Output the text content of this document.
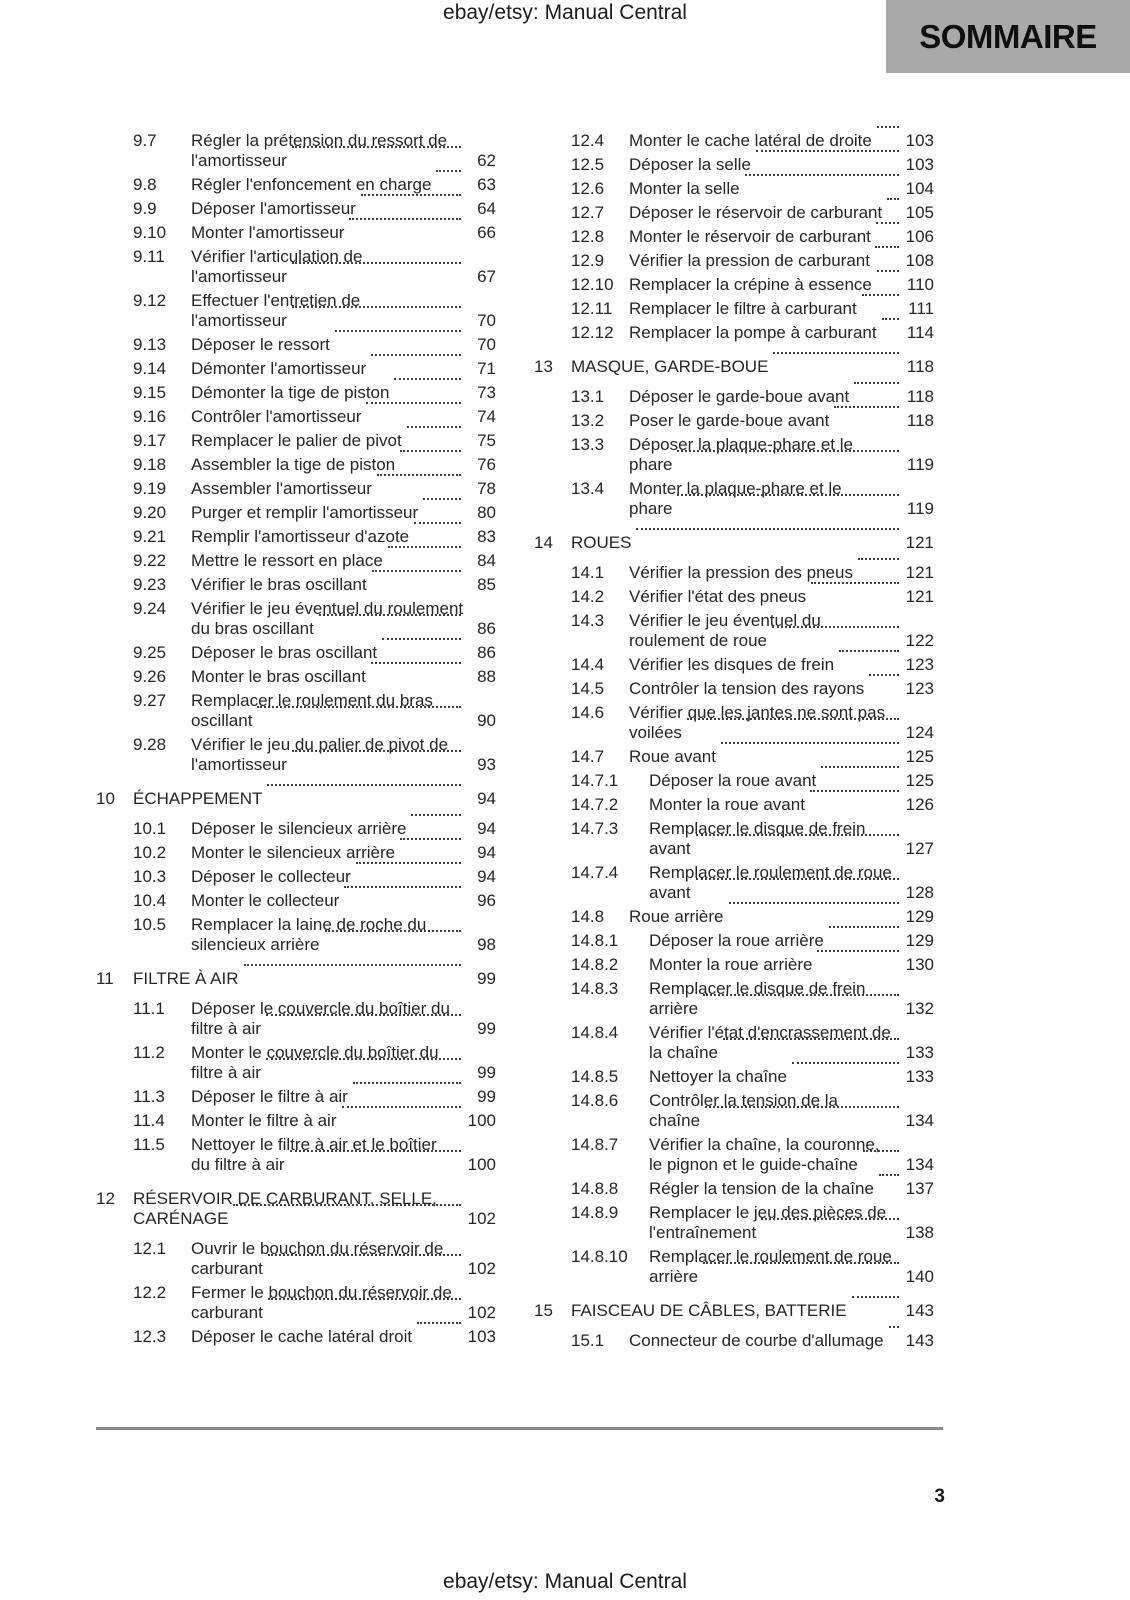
ebay/etsy: Manual Central
SOMMAIRE
9.7	Régler la prétension du ressort de
l'amortisseur	62
9.8	Régler l'enfoncement en charge	63
9.9	Déposer l'amortisseur	64
9.10	Monter l'amortisseur	66
9.11	Vérifier l'articulation de
l'amortisseur	67
9.12	Effectuer l'entretien de
l'amortisseur	70
9.13	Déposer le ressort	70
9.14	Démonter l'amortisseur	71
9.15	Démonter la tige de piston	73
9.16	Contrôler l'amortisseur	74
9.17	Remplacer le palier de pivot	75
9.18	Assembler la tige de piston	76
9.19	Assembler l'amortisseur	78
9.20	Purger et remplir l'amortisseur	80
9.21	Remplir l'amortisseur d'azote	83
9.22	Mettre le ressort en place	84
9.23	Vérifier le bras oscillant	85
9.24	Vérifier le jeu éventuel du roulement
du bras oscillant	86
9.25	Déposer le bras oscillant	86
9.26	Monter le bras oscillant	88
9.27	Remplacer le roulement du bras
oscillant	90
9.28	Vérifier le jeu du palier de pivot de
l'amortisseur	93
10	ÉCHAPPEMENT	94
10.1	Déposer le silencieux arrière	94
10.2	Monter le silencieux arrière	94
10.3	Déposer le collecteur	94
10.4	Monter le collecteur	96
10.5	Remplacer la laine de roche du
silencieux arrière	98
11	FILTRE À AIR	99
11.1	Déposer le couvercle du boîtier du
filtre à air	99
11.2	Monter le couvercle du boîtier du
filtre à air	99
11.3	Déposer le filtre à air	99
11.4	Monter le filtre à air	100
11.5	Nettoyer le filtre à air et le boîtier
du filtre à air	100
12	RÉSERVOIR DE CARBURANT, SELLE,
CARÉNAGE	102
12.1	Ouvrir le bouchon du réservoir de
carburant	102
12.2	Fermer le bouchon du réservoir de
carburant	102
12.3	Déposer le cache latéral droit	103
12.4	Monter le cache latéral de droite 103
12.5	Déposer la selle	103
12.6	Monter la selle	104
12.7	Déposer le réservoir de carburant 105
12.8	Monter le réservoir de carburant 106
12.9	Vérifier la pression de carburant 108
12.10 Remplacer la crépine à essence 110
12.11 Remplacer le filtre à carburant	111
12.12 Remplacer la pompe à carburant 114
13	MASQUE, GARDE-BOUE	118
13.1	Déposer le garde-boue avant	118
13.2	Poser le garde-boue avant	118
13.3	Déposer la plaque-phare et le
phare	119
13.4	Monter la plaque-phare et le
phare	119
14	ROUES	121
14.1	Vérifier la pression des pneus	121
14.2	Vérifier l'état des pneus	121
14.3	Vérifier le jeu éventuel du
roulement de roue	122
14.4	Vérifier les disques de frein	123
14.5	Contrôler la tension des rayons 123
14.6	Vérifier que les jantes ne sont pas
voilées	124
14.7	Roue avant	125
14.7.1	Déposer la roue avant	125
14.7.2	Monter la roue avant	126
14.7.3	Remplacer le disque de frein
avant	127
14.7.4	Remplacer le roulement de roue
avant	128
14.8	Roue arrière	129
14.8.1	Déposer la roue arrière	129
14.8.2	Monter la roue arrière	130
14.8.3	Remplacer le disque de frein
arrière	132
14.8.4	Vérifier l'état d'encrassement de
la chaîne	133
14.8.5	Nettoyer la chaîne	133
14.8.6	Contrôler la tension de la
chaîne	134
14.8.7	Vérifier la chaîne, la couronne,
le pignon et le guide-chaîne	134
14.8.8	Régler la tension de la chaîne 137
14.8.9	Remplacer le jeu des pièces de
l'entraînement	138
14.8.10	Remplacer le roulement de roue
arrière	140
15	FAISCEAU DE CÂBLES, BATTERIE	143
15.1	Connecteur de courbe d'allumage 143
3
ebay/etsy: Manual Central
